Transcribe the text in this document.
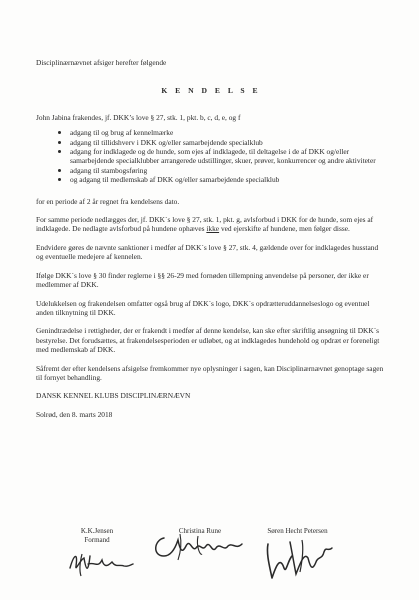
Disciplinærnævnet afsiger herefter følgende

K E N D E L S E

John Jabina frakendes, jf. DKK’s love § 27, stk. 1, pkt. b, c, d, e, og f

adgang til og brug af kennelmærke
adgang til tillidshverv i DKK og/eller samarbejdende specialklub
adgang for indklagede og de hunde, som ejes af indklagede, til deltagelse i de af DKK og/eller samarbejdende specialklubber arrangerede udstillinger, skuer, prøver, konkurrencer og andre aktiviteter
adgang til stambogsføring
og adgang til medlemskab af DKK og/eller samarbejdende specialklub

for en periode af 2 år regnet fra kendelsens dato.

For samme periode nedlægges der, jf. DKK´s love § 27, stk. 1, pkt. g, avlsforbud i DKK for de hunde, som ejes af indklagede. De nedlagte avlsforbud på hundene ophæves ikke ved ejerskifte af hundene, men følger disse.

Endvidere gøres de nævnte sanktioner i medfør af DKK´s love § 27, stk. 4, gældende over for indklagedes husstand og eventuelle medejere af kennelen.

Ifølge DKK´s love § 30 finder reglerne i §§ 26-29 med fornøden tillempning anvendelse på personer, der ikke er medlemmer af DKK.

Udelukkelsen og frakendelsen omfatter også brug af DKK´s logo, DKK´s opdrætteruddannelseslogo og eventuel anden tilknytning til DKK.

Genindtrædelse i rettigheder, der er frakendt i medfør af denne kendelse, kan ske efter skriftlig ansøgning til DKK´s bestyrelse. Det forudsættes, at frakendelsesperioden er udløbet, og at indklagedes hundehold og opdræt er foreneligt med medlemskab af DKK.

Såfremt der efter kendelsens afsigelse fremkommer nye oplysninger i sagen, kan Disciplinærnævnet genoptage sagen til fornyet behandling.

DANSK KENNEL KLUBS DISCIPLINÆRNÆVN

Solrød, den 8. marts 2018

K.K.Jensen
Formand
Christina Rune	Søren Hecht Petersen
